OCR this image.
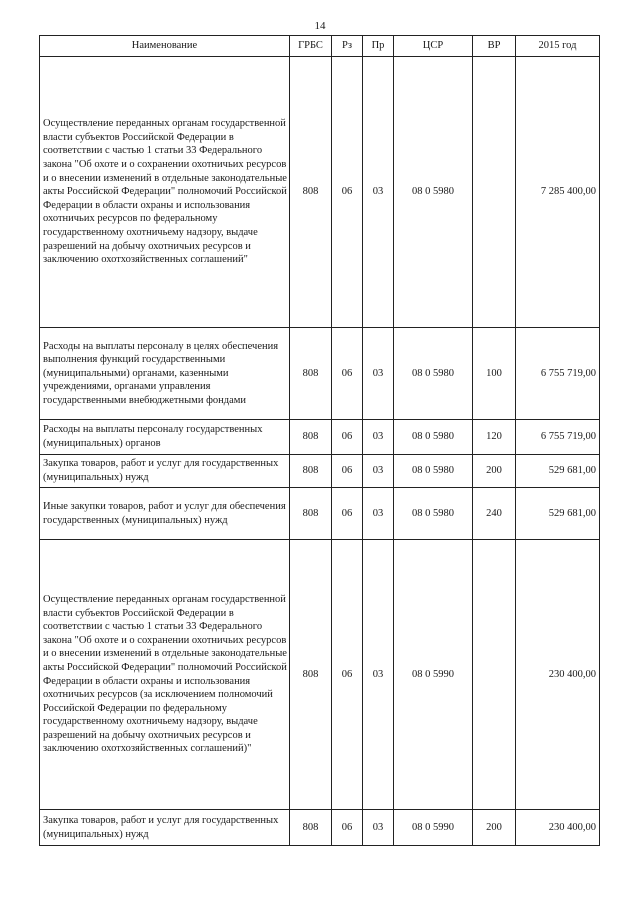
14
Наименование	ГРБС	Рз	Пр	ЦСР	ВР	2015 год
Осуществление переданных органам государственной власти субъектов Российской Федерации в соответствии с частью 1 статьи 33 Федерального закона "Об охоте и о сохранении охотничьих ресурсов и о внесении изменений в отдельные законодательные акты Российской Федерации" полномочий Российской Федерации в области охраны и использования охотничьих ресурсов по федеральному государственному охотничьему надзору, выдаче разрешений на добычу охотничьих ресурсов и заключению охотхозяйственных соглашений"	808	06	03	08 0 5980		7 285 400,00
Расходы на выплаты персоналу в целях обеспечения выполнения функций государственными (муниципальными) органами, казенными учреждениями, органами управления государственными внебюджетными фондами	808	06	03	08 0 5980	100	6 755 719,00
Расходы на выплаты персоналу государственных (муниципальных) органов	808	06	03	08 0 5980	120	6 755 719,00
Закупка товаров, работ и услуг для государственных (муниципальных) нужд	808	06	03	08 0 5980	200	529 681,00
Иные закупки товаров, работ и услуг для обеспечения государственных (муниципальных) нужд	808	06	03	08 0 5980	240	529 681,00
Осуществление переданных органам государственной власти субъектов Российской Федерации в соответствии с частью 1 статьи 33 Федерального закона "Об охоте и о сохранении охотничьих ресурсов и о внесении изменений в отдельные законодательные акты Российской Федерации" полномочий Российской Федерации в области охраны и использования охотничьих ресурсов (за исключением полномочий Российской Федерации по федеральному государственному охотничьему надзору, выдаче разрешений на добычу охотничьих ресурсов и заключению охотхозяйственных соглашений)"	808	06	03	08 0 5990		230 400,00
Закупка товаров, работ и услуг для государственных (муниципальных) нужд	808	06	03	08 0 5990	200	230 400,00
